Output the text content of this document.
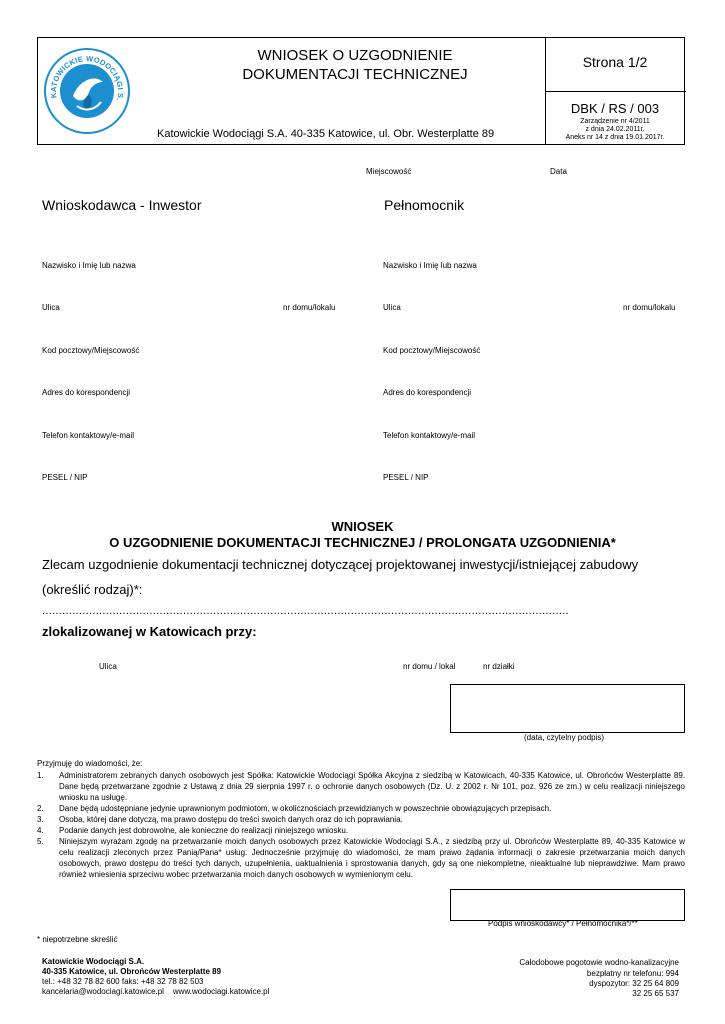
KATOWICKIE WODOCIĄGI S.
WNIOSEK O UZGODNIENIE
DOKUMENTACJI TECHNICZNEJ
Katowickie Wodociągi S.A. 40-335 Katowice, ul. Obr. Westerplatte 89
Strona 1/2
DBK / RS / 003
Zarządzenie nr 4/2011
z dnia 24.02.2011r.
Aneks nr 14 z dnia 19.01.2017r.
Miejscowość	Data
Wnioskodawca - Inwestor
Nazwisko i Imię lub nazwa
Ulica	nr domu/lokalu
Kod pocztowy/Miejscowość
Adres do korespondencji
Telefon kontaktowy/e-mail
PESEL / NIP
Pełnomocnik
Nazwisko i Imię lub nazwa
Ulica	nr domu/lokalu
Kod pocztowy/Miejscowość
Adres do korespondencji
Telefon kontaktowy/e-mail
PESEL / NIP
WNIOSEK
O UZGODNIENIE DOKUMENTACJI TECHNICZNEJ / PROLONGATA UZGODNIENIA*
Zlecam uzgodnienie dokumentacji technicznej dotyczącej projektowanej inwestycji/istniejącej zabudowy
(określić rodzaj)*:
.............................................................................................................................................................
zlokalizowanej w Katowicach przy:
Ulica	nr domu / lokal	nr działki
(data, czytelny podpis)
Przyjmuję do wiadomości, że:
1. Administratorem zebranych danych osobowych jest Spółka: Katowickie Wodociągi Spółka Akcyjna z siedzibą w Katowicach, 40-335 Katowice, ul. Obrońców Westerplatte 89. Dane będą przetwarzane zgodnie z Ustawą z dnia 29 sierpnia 1997 r. o ochronie danych osobowych (Dz. U. z 2002 r. Nr 101, poz. 926 ze zm.) w celu realizacji niniejszego wniosku na usługę.
2. Dane będą udostępniane jedynie uprawnionym podmiotom, w okolicznościach przewidzianych w powszechnie obowiązujących przepisach.
3. Osoba, której dane dotyczą, ma prawo dostępu do treści swoich danych oraz do ich poprawiania.
4. Podanie danych jest dobrowolne, ale konieczne do realizacji niniejszego wniosku.
5. Niniejszym wyrażam zgodę na przetwarzanie moich danych osobowych przez Katowickie Wodociągi S.A., z siedzibą przy ul. Obrońców Westerplatte 89, 40-335 Katowice w celu realizacji zleconych przez Panią/Pana* usług. Jednocześnie przyjmuję do wiadomości, że mam prawo żądania informacji o zakresie przetwarzania moich danych osobowych, prawo dostępu do treści tych danych, uzupełnienia, uaktualnienia i sprostowania danych, gdy są one niekompletne, nieaktualne lub nieprawdziwe. Mam prawo również wniesienia sprzeciwu wobec przetwarzania moich danych osobowych w wymienionym celu.
Podpis wnioskodawcy* / Pełnomocnika*/**
* niepotrzebne skreślić
Katowickie Wodociągi S.A.
40-335 Katowice, ul. Obrońców Westerplatte 89
tel.: +48 32 78 82 600 faks: +48 32 78 82 503
kancelaria@wodociagi.katowice.pl www.wodociagi.katowice.pl
Całodobowe pogotowie wodno-kanalizacyjne
bezpłatny nr telefonu: 994
dyspozytor: 32 25 64 809
32 25 65 537
